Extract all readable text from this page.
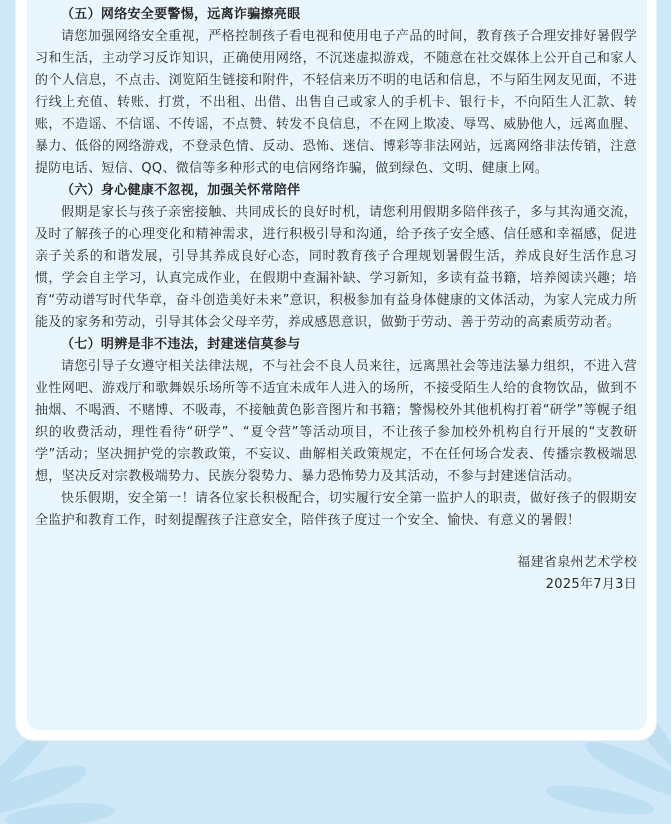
（五）网络安全要警惕，远离诈骗擦亮眼

请您加强网络安全重视，严格控制孩子看电视和使用电子产品的时间，教育孩子合理安排好暑假学习和生活，主动学习反诈知识，正确使用网络，不沉迷虚拟游戏，不随意在社交媒体上公开自己和家人的个人信息，不点击、浏览陌生链接和附件，不轻信来历不明的电话和信息，不与陌生网友见面，不进行线上充值、转账、打赏，不出租、出借、出售自己或家人的手机卡、银行卡，不向陌生人汇款、转账，不造谣、不信谣、不传谣，不点赞、转发不良信息，不在网上欺凌、辱骂、威胁他人，远离血腥、暴力、低俗的网络游戏，不登录色情、反动、恐怖、迷信、博彩等非法网站，远离网络非法传销，注意提防电话、短信、QQ、微信等多种形式的电信网络诈骗，做到绿色、文明、健康上网。

（六）身心健康不忽视，加强关怀常陪伴

假期是家长与孩子亲密接触、共同成长的良好时机，请您利用假期多陪伴孩子，多与其沟通交流，及时了解孩子的心理变化和精神需求，进行积极引导和沟通，给予孩子安全感、信任感和幸福感，促进亲子关系的和谐发展，引导其养成良好心态，同时教育孩子合理规划暑假生活，养成良好生活作息习惯，学会自主学习，认真完成作业，在假期中查漏补缺、学习新知，多读有益书籍，培养阅读兴趣；培育“劳动谱写时代华章，奋斗创造美好未来”意识，积极参加有益身体健康的文体活动，为家人完成力所能及的家务和劳动，引导其体会父母辛劳，养成感恩意识，做勤于劳动、善于劳动的高素质劳动者。

（七）明辨是非不违法，封建迷信莫参与

请您引导子女遵守相关法律法规，不与社会不良人员来往，远离黑社会等违法暴力组织，不进入营业性网吧、游戏厅和歌舞娱乐场所等不适宜未成年人进入的场所，不接受陌生人给的食物饮品，做到不抽烟、不喝酒、不赌博、不吸毒，不接触黄色影音图片和书籍；警惕校外其他机构打着“研学”等幌子组织的收费活动，理性看待“研学”、“夏令营”等活动项目，不让孩子参加校外机构自行开展的“支教研学”活动；坚决拥护党的宗教政策，不妄议、曲解相关政策规定，不在任何场合发表、传播宗教极端思想，坚决反对宗教极端势力、民族分裂势力、暴力恐怖势力及其活动，不参与封建迷信活动。

快乐假期，安全第一！请各位家长积极配合，切实履行安全第一监护人的职责，做好孩子的假期安全监护和教育工作，时刻提醒孩子注意安全，陪伴孩子度过一个安全、愉快、有意义的暑假！

福建省泉州艺术学校

2025年7月3日
